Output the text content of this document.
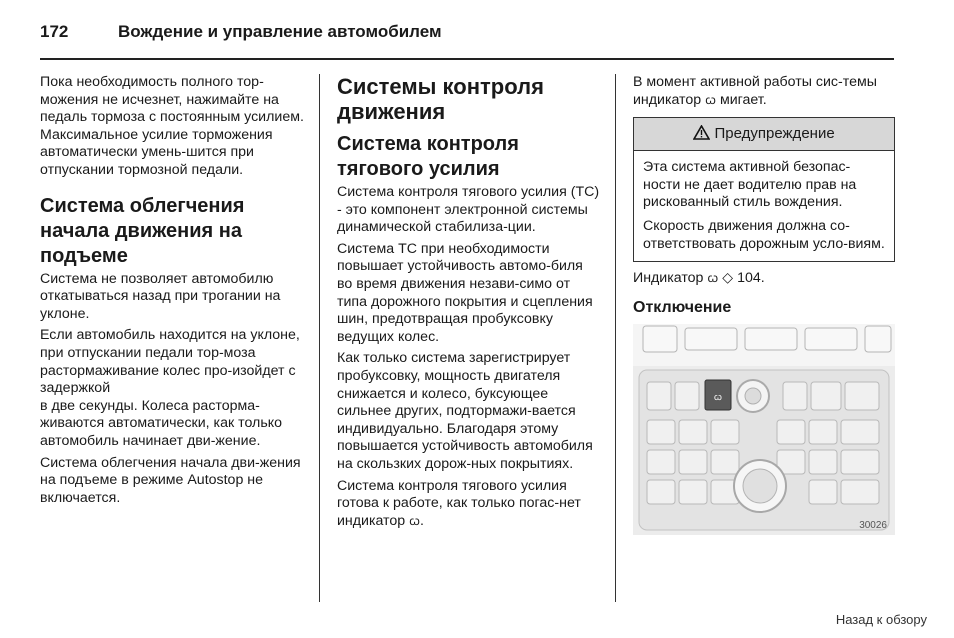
172	Вождение и управление автомобилем

Пока необходимость полного тор-можения не исчезнет, нажимайте на педаль тормоза с постоянным усилием. Максимальное усилие торможения автоматически умень-шится при отпускании тормозной педали.

Система облегчения начала движения на подъеме

Система не позволяет автомобилю откатываться назад при трогании на уклоне.

Если автомобиль находится на уклоне, при отпускании педали тор-моза растормаживание колес про-изойдет с задержкой

в две секунды. Колеса растормa-живаются автоматически, как только автомобиль начинает дви-жение.

Система облегчения начала дви-жения на подъеме в режиме Autostop не включается.

Системы контроля движения
Система контроля тягового усилия

Система контроля тягового усилия (TC) - это компонент электронной системы динамической стабилиза-ции.

Система TC при необходимости повышает устойчивость автомо-биля во время движения незави-симо от типа дорожного покрытия и сцепления шин, предотвращая пробуксовку ведущих колес.

Как только система зарегистрирует пробуксовку, мощность двигателя снижается и колесо, буксующее сильнее других, подтормажи-вается индивидуально. Благодаря этому повышается устойчивость автомобиля на скользких дорож-ных покрытиях.

Система контроля тягового усилия готова к работе, как только погас-нет индикатор ꞷ.

В момент активной работы сис-темы индикатор ꞷ мигает.

Предупреждение

Эта система активной безопас-ности не дает водителю прав на рискованный стиль вождения.

Скорость движения должна со-ответствовать дорожным усло-виям.

Индикатор ꞷ ◇ 104.

Отключение
ꞷ
30026
Назад к обзору
